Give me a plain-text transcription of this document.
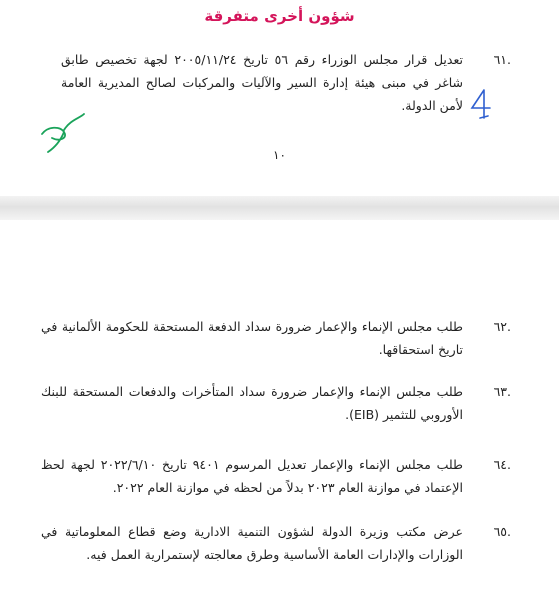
شؤون أخرى متفرقة
.٦١
تعديل قرار مجلس الوزراء رقم ٥٦ تاريخ ٢٠٠٥/١١/٢٤ لجهة تخصيص طابق شاغر في مبنى هيئة إدارة السير والآليات والمركبات لصالح المديرية العامة لأمن الدولة.
١٠
.٦٢
طلب مجلس الإنماء والإعمار ضرورة سداد الدفعة المستحقة للحكومة الألمانية في تاريخ استحقاقها.
.٦٣
طلب مجلس الإنماء والإعمار ضرورة سداد المتأخرات والدفعات المستحقة للبنك الأوروبي للتثمير (EIB).
.٦٤
طلب مجلس الإنماء والإعمار تعديل المرسوم ٩٤٠١ تاريخ ٢٠٢٢/٦/١٠ لجهة لحظ الإعتماد في موازنة العام ٢٠٢٣ بدلاً من لحظه في موازنة العام ٢٠٢٢.
.٦٥
عرض مكتب وزيرة الدولة لشؤون التنمية الادارية وضع قطاع المعلوماتية في الوزارات والإدارات العامة الأساسية وطرق معالجته لإستمرارية العمل فيه.
